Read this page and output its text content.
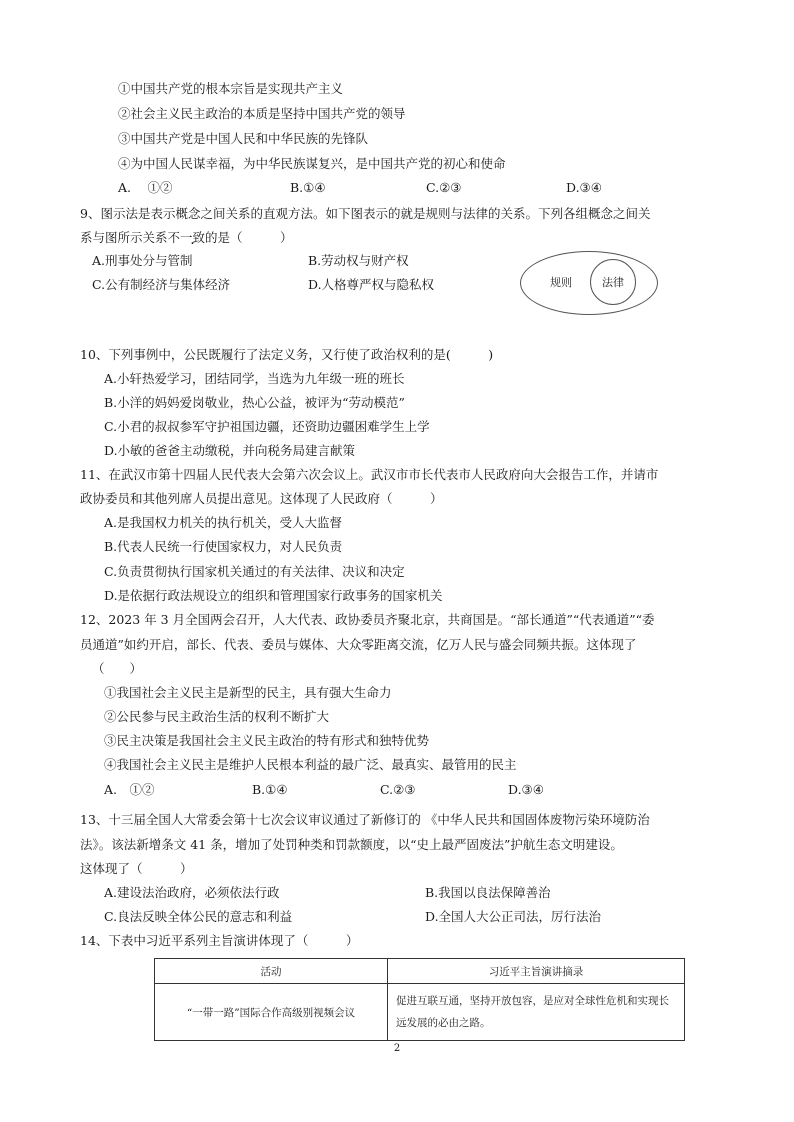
①中国共产党的根本宗旨是实现共产主义
②社会主义民主政治的本质是坚持中国共产党的领导
③中国共产党是中国人民和中华民族的先锋队
④为中国人民谋幸福，为中华民族谋复兴，是中国共产党的初心和使命
A.　 ①②	B.①④	C.②③	D.③④
9、图示法是表示概念之间关系的直观方法。如下图表示的就是规则与法律的关系。下列各组概念之间关
系与图所示关系不一致的是（　　　）
A.刑事处分与管制	B.劳动权与财产权
C.公有制经济与集体经济	D.人格尊严权与隐私权	规则	法律
10、下列事例中，公民既履行了法定义务，又行使了政治权利的是(　　　)
A.小轩热爱学习，团结同学，当选为九年级一班的班长
B.小洋的妈妈爱岗敬业，热心公益，被评为“劳动模范”
C.小君的叔叔参军守护祖国边疆，还资助边疆困难学生上学
D.小敏的爸爸主动缴税，并向税务局建言献策
11、在武汉市第十四届人民代表大会第六次会议上。武汉市市长代表市人民政府向大会报告工作，并请市
政协委员和其他列席人员提出意见。这体现了人民政府（　　　）
A.是我国权力机关的执行机关，受人大监督
B.代表人民统一行使国家权力，对人民负责
C.负责贯彻执行国家机关通过的有关法律、决议和决定
D.是依据行政法规设立的组织和管理国家行政事务的国家机关
12、2023 年 3 月全国两会召开，人大代表、政协委员齐聚北京，共商国是。“部长通道”“代表通道”“委
员通道”如约开启，部长、代表、委员与媒体、大众零距离交流，亿万人民与盛会同频共振。这体现了
（　　）
①我国社会主义民主是新型的民主，具有强大生命力
②公民参与民主政治生活的权利不断扩大
③民主决策是我国社会主义民主政治的特有形式和独特优势
④我国社会主义民主是维护人民根本利益的最广泛、最真实、最管用的民主
A.　①②	B.①④	C.②③	D.③④
13、十三届全国人大常委会第十七次会议审议通过了新修订的 《中华人民共和国固体废物污染环境防治
法》。该法新增条文 41 条，增加了处罚种类和罚款额度，以“史上最严固废法”护航生态文明建设。
这体现了（　　　）
A.建设法治政府，必须依法行政	B.我国以良法保障善治
C.良法反映全体公民的意志和利益	D.全国人大公正司法，厉行法治
14、下表中习近平系列主旨演讲体现了（　　　）
活动	习近平主旨演讲摘录
“一带一路”国际合作高级别视频会议	促进互联互通，坚持开放包容，是应对全球性危机和实现长远发展的必由之路。
2
